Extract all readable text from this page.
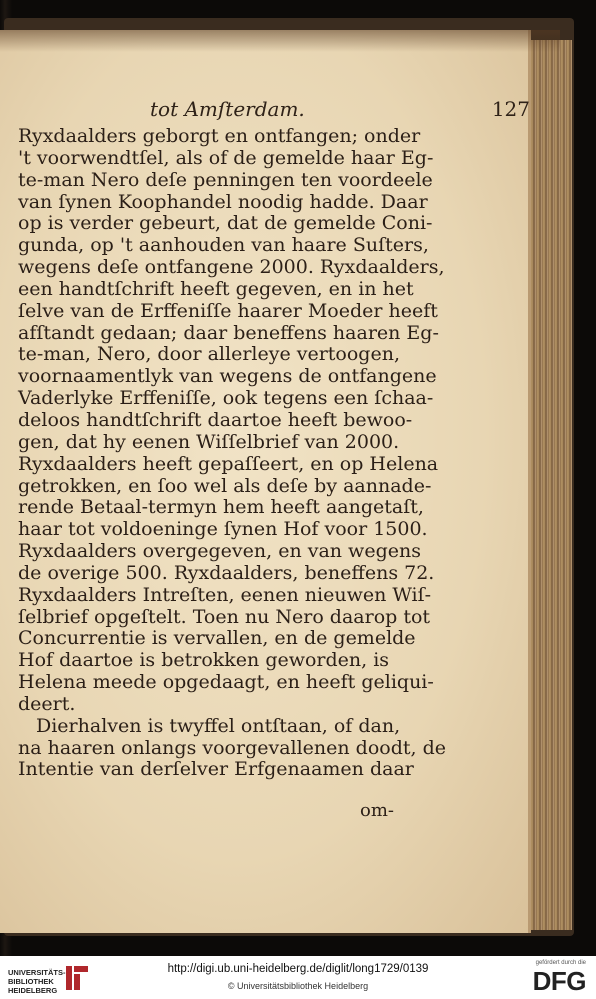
tot Amſterdam.	127
Ryxdaalders geborgt en ontfangen; onder
't voorwendtſel, als of de gemelde haar Eg-
te-man Nero deſe penningen ten voordeele
van ſynen Koophandel noodig hadde. Daar
op is verder gebeurt, dat de gemelde Coni-
gunda, op 't aanhouden van haare Suſters,
wegens deſe ontfangene 2000. Ryxdaalders,
een handtſchrift heeft gegeven, en in het
ſelve van de Erffeniſſe haarer Moeder heeft
afſtandt gedaan; daar beneffens haaren Eg-
te-man, Nero, door allerleye vertoogen,
voornaamentlyk van wegens de ontfangene
Vaderlyke Erffeniſſe, ook tegens een ſchaa-
deloos handtſchrift daartoe heeft bewoo-
gen, dat hy eenen Wiſſelbrief van 2000.
Ryxdaalders heeft gepaſſeert, en op Helena
getrokken, en ſoo wel als deſe by aannade-
rende Betaal-termyn hem heeft aangetaſt,
haar tot voldoeninge ſynen Hof voor 1500.
Ryxdaalders overgegeven, en van wegens
de overige 500. Ryxdaalders, beneffens 72.
Ryxdaalders Intreſten, eenen nieuwen Wiſ-
ſelbrief opgeſtelt. Toen nu Nero daarop tot
Concurrentie is vervallen, en de gemelde
Hof daartoe is betrokken geworden, is
Helena meede opgedaagt, en heeft geliqui-
deert.
Dierhalven is twyffel ontſtaan, of dan,
na haaren onlangs voorgevallenen doodt, de
Intentie van derſelver Erfgenaamen daar
om-
UNIVERSITÄTS-BIBLIOTHEK HEIDELBERG
http://digi.ub.uni-heidelberg.de/diglit/long1729/0139
© Universitätsbibliothek Heidelberg
gefördert durch die
DFG
